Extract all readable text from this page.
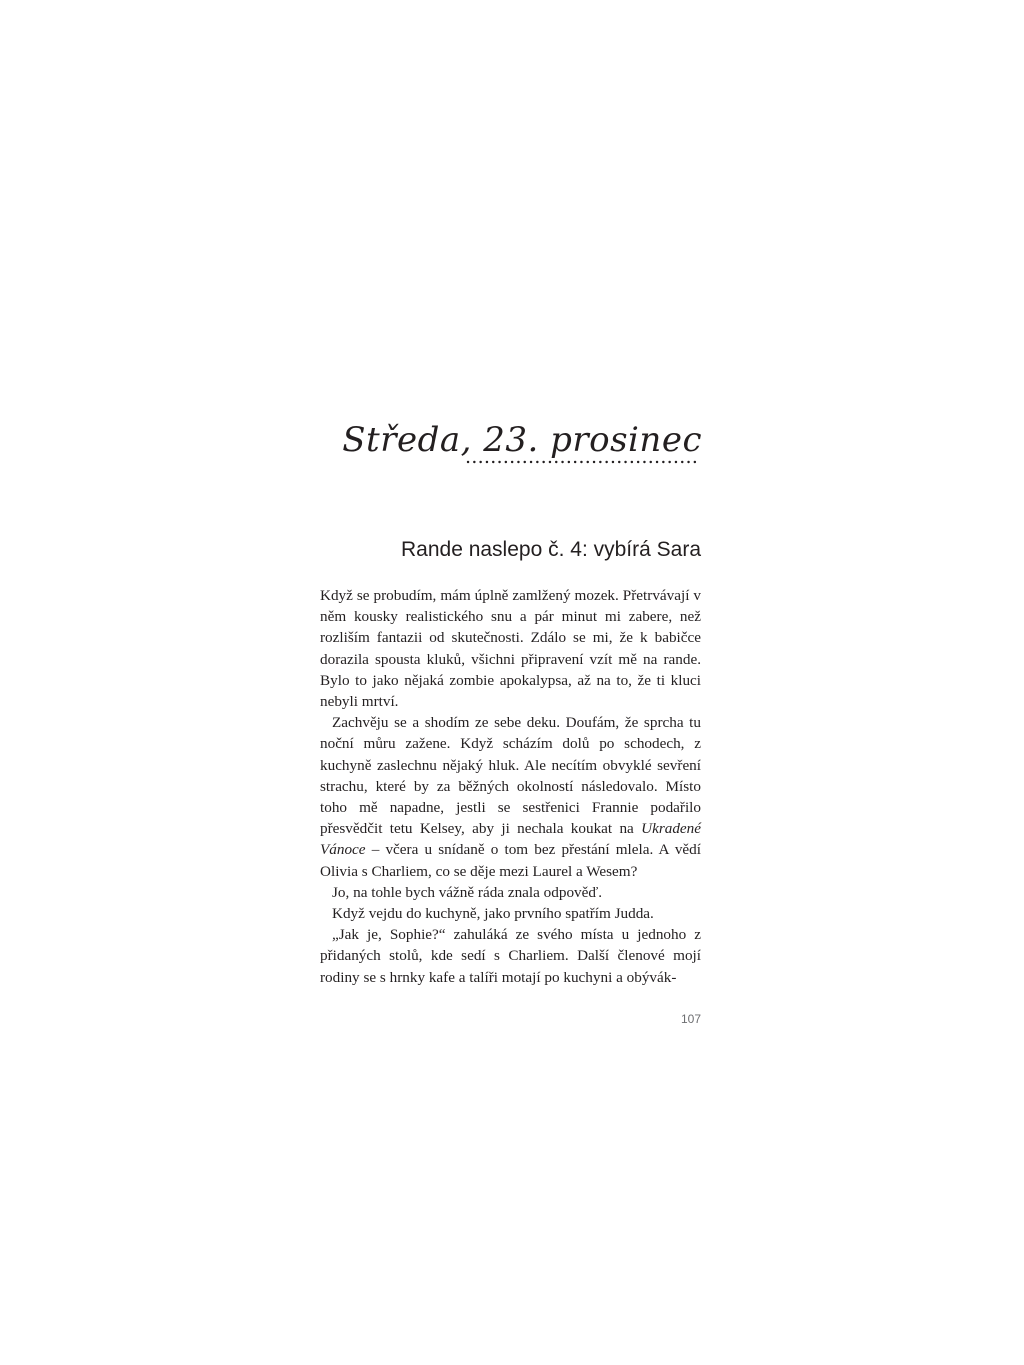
Středa, 23. prosinec
Rande naslepo č. 4: vybírá Sara

Když se probudím, mám úplně zamlžený mozek. Přetrvávají v něm kousky realistického snu a pár minut mi zabere, než rozliším fantazii od skutečnosti. Zdálo se mi, že k babičce dorazila spousta kluků, všichni připravení vzít mě na rande. Bylo to jako nějaká zombie apokalypsa, až na to, že ti kluci nebyli mrtví.

Zachvěju se a shodím ze sebe deku. Doufám, že sprcha tu noční můru zažene. Když scházím dolů po schodech, z kuchyně zaslechnu nějaký hluk. Ale necítím obvyklé sevření strachu, které by za běžných okolností následovalo. Místo toho mě napadne, jestli se sestřenici Frannie podařilo přesvědčit tetu Kelsey, aby ji nechala koukat na Ukradené Vánoce – včera u snídaně o tom bez přestání mlela. A vědí Olivia s Charliem, co se děje mezi Laurel a Wesem?

Jo, na tohle bych vážně ráda znala odpověď.

Když vejdu do kuchyně, jako prvního spatřím Judda.

„Jak je, Sophie?“ zahuláká ze svého místa u jednoho z přidaných stolů, kde sedí s Charliem. Další členové mojí rodiny se s hrnky kafe a talíři motají po kuchyni a obývák‑

107
